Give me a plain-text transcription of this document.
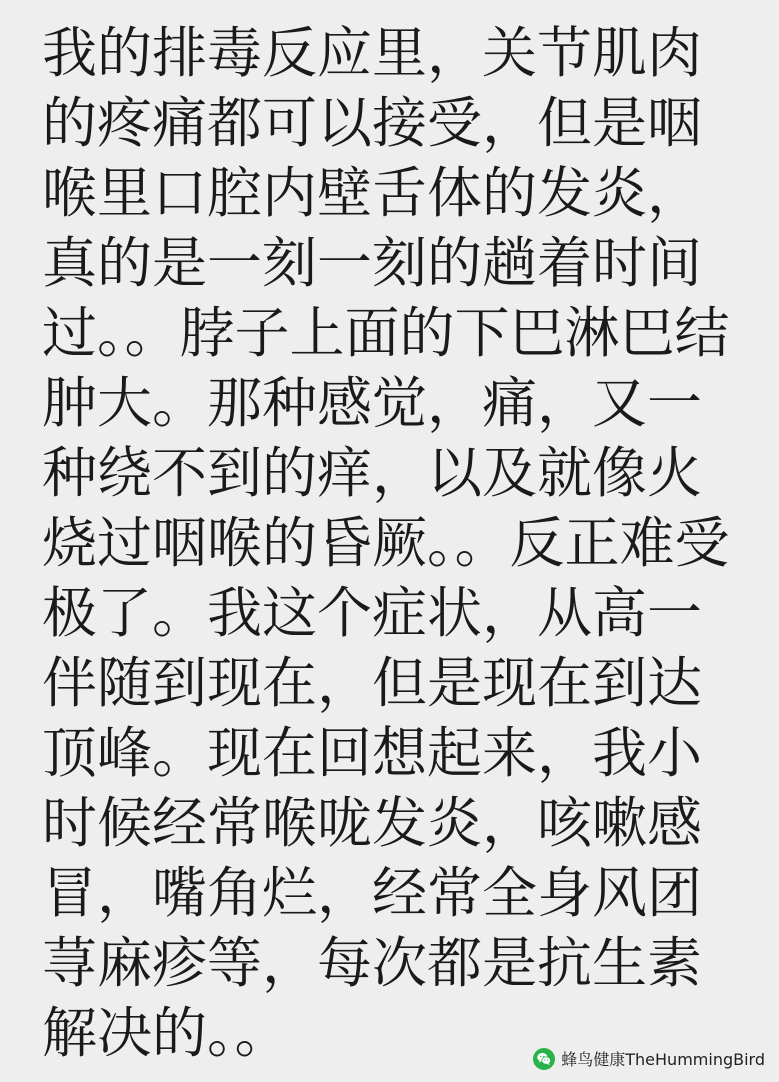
我的排毒反应里，关节肌肉的疼痛都可以接受，但是咽喉里口腔内壁舌体的发炎，真的是一刻一刻的趟着时间过。。脖子上面的下巴淋巴结肿大。那种感觉，痛，又一种绕不到的痒，以及就像火烧过咽喉的昏厥。。反正难受极了。我这个症状，从高一伴随到现在，但是现在到达顶峰。现在回想起来，我小时候经常喉咙发炎，咳嗽感冒，嘴角烂，经常全身风团荨麻疹等，每次都是抗生素解决的。。	蜂鸟健康TheHummingBird
